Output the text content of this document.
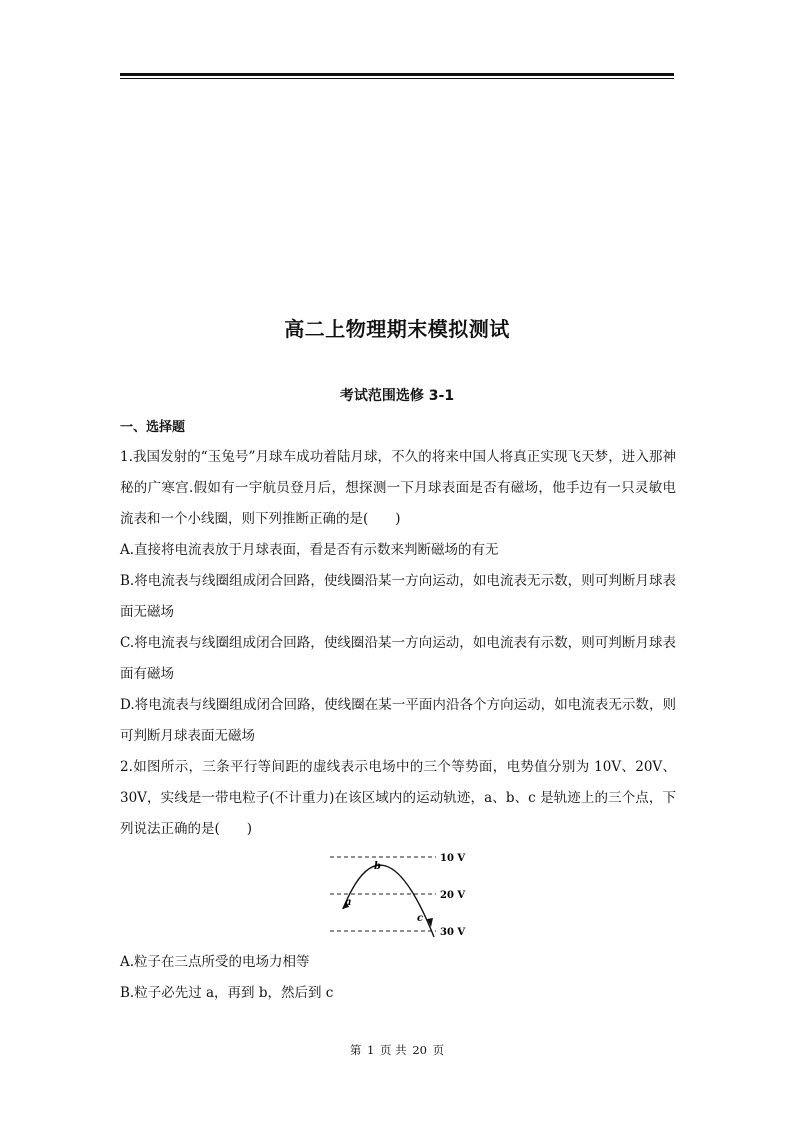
高二上物理期末模拟测试
考试范围选修 3-1
一、选择题

1.我国发射的“玉兔号”月球车成功着陆月球，不久的将来中国人将真正实现飞天梦，进入那神秘的广寒宫.假如有一宇航员登月后，想探测一下月球表面是否有磁场，他手边有一只灵敏电流表和一个小线圈，则下列推断正确的是(　　)

A.直接将电流表放于月球表面，看是否有示数来判断磁场的有无

B.将电流表与线圈组成闭合回路，使线圈沿某一方向运动，如电流表无示数，则可判断月球表面无磁场

C.将电流表与线圈组成闭合回路，使线圈沿某一方向运动，如电流表有示数，则可判断月球表面有磁场

D.将电流表与线圈组成闭合回路，使线圈在某一平面内沿各个方向运动，如电流表无示数，则可判断月球表面无磁场

2.如图所示，三条平行等间距的虚线表示电场中的三个等势面，电势值分别为 10V、20V、30V，实线是一带电粒子(不计重力)在该区域内的运动轨迹，a、b、c 是轨迹上的三个点，下列说法正确的是(　　)

10 V
20 V
30 V
a
b
c

A.粒子在三点所受的电场力相等

B.粒子必先过 a，再到 b，然后到 c

第 1 页 共 20 页
